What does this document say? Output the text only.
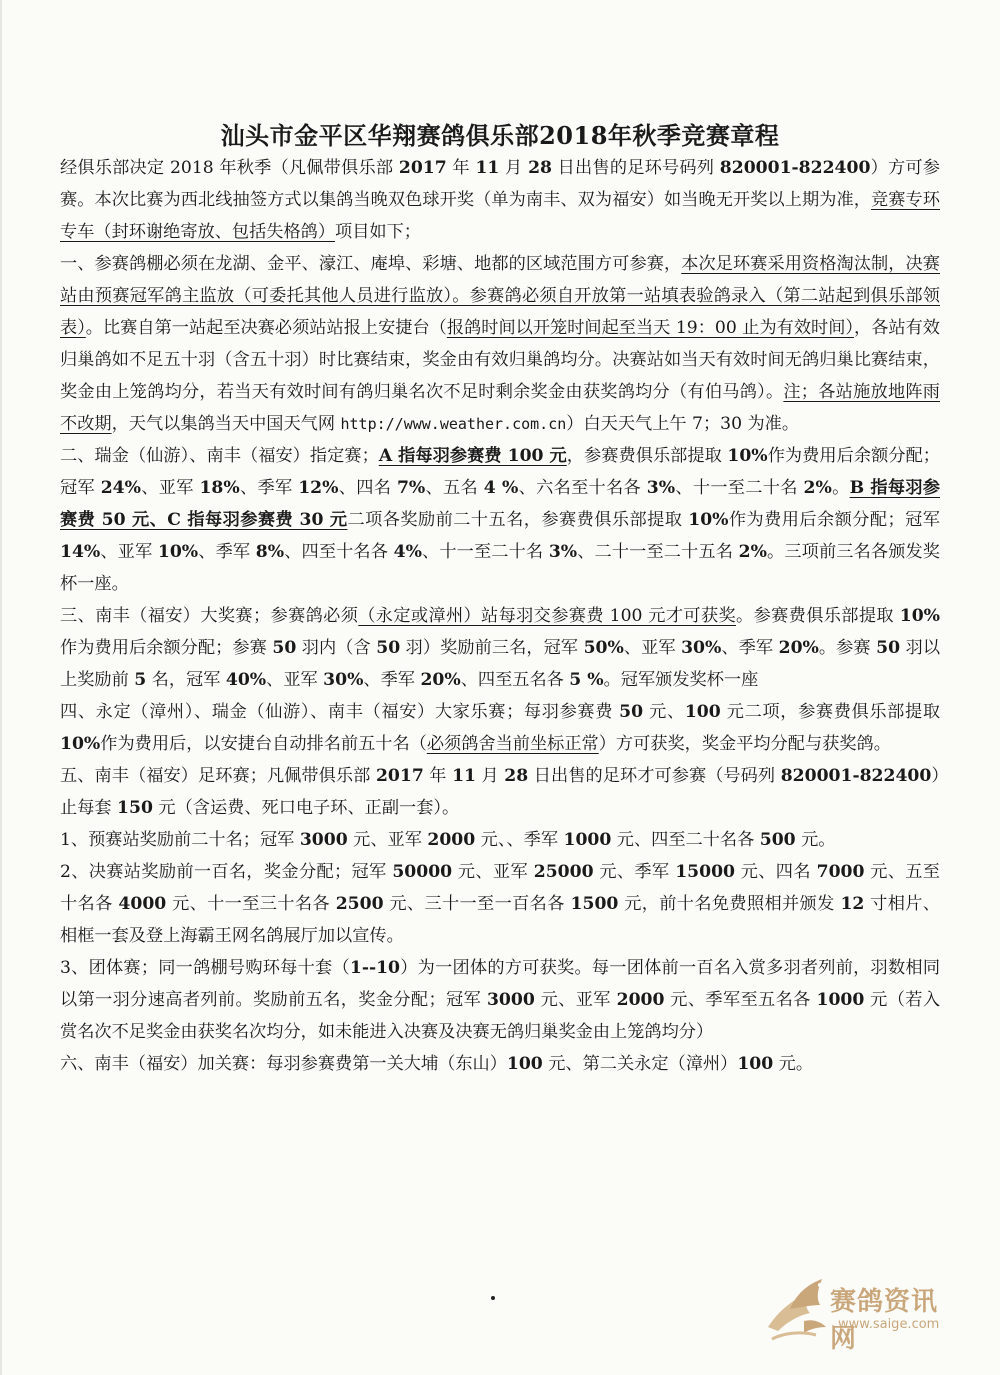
汕头市金平区华翔赛鸽俱乐部2018年秋季竞赛章程

经俱乐部决定 2018 年秋季（凡佩带俱乐部 2017 年 11 月 28 日出售的足环号码列 820001-822400）方可参赛。本次比赛为西北线抽签方式以集鸽当晚双色球开奖（单为南丰、双为福安）如当晚无开奖以上期为准，竞赛专环专车（封环谢绝寄放、包括失格鸽）项目如下；

一、参赛鸽棚必须在龙湖、金平、濠江、庵埠、彩塘、地都的区域范围方可参赛，本次足环赛采用资格淘汰制，决赛站由预赛冠军鸽主监放（可委托其他人员进行监放）。参赛鸽必须自开放第一站填表验鸽录入（第二站起到俱乐部领表）。比赛自第一站起至决赛必须站站报上安捷台（报鸽时间以开笼时间起至当天 19：00 止为有效时间），各站有效归巢鸽如不足五十羽（含五十羽）时比赛结束，奖金由有效归巢鸽均分。决赛站如当天有效时间无鸽归巢比赛结束，奖金由上笼鸽均分，若当天有效时间有鸽归巢名次不足时剩余奖金由获奖鸽均分（有伯马鸽）。注；各站施放地阵雨不改期，天气以集鸽当天中国天气网 http://www.weather.com.cn）白天天气上午 7；30 为准。

二、瑞金（仙游）、南丰（福安）指定赛；A 指每羽参赛费 100 元，参赛费俱乐部提取 10%作为费用后余额分配；冠军 24%、亚军 18%、季军 12%、四名 7%、五名 4 %、六名至十名各 3%、十一至二十名 2%。B 指每羽参赛费 50 元、C 指每羽参赛费 30 元二项各奖励前二十五名，参赛费俱乐部提取 10%作为费用后余额分配；冠军 14%、亚军 10%、季军 8%、四至十名各 4%、十一至二十名 3%、二十一至二十五名 2%。三项前三名各颁发奖杯一座。

三、南丰（福安）大奖赛；参赛鸽必须（永定或漳州）站每羽交参赛费 100 元才可获奖。参赛费俱乐部提取 10%作为费用后余额分配；参赛 50 羽内（含 50 羽）奖励前三名，冠军 50%、亚军 30%、季军 20%。参赛 50 羽以上奖励前 5 名，冠军 40%、亚军 30%、季军 20%、四至五名各 5 %。冠军颁发奖杯一座

四、永定（漳州）、瑞金（仙游）、南丰（福安）大家乐赛；每羽参赛费 50 元、100 元二项，参赛费俱乐部提取 10%作为费用后，以安捷台自动排名前五十名（必须鸽舍当前坐标正常）方可获奖，奖金平均分配与获奖鸽。

五、南丰（福安）足环赛；凡佩带俱乐部 2017 年 11 月 28 日出售的足环才可参赛（号码列 820001-822400）止每套 150 元（含运费、死口电子环、正副一套）。

1、预赛站奖励前二十名；冠军 3000 元、亚军 2000 元、、季军 1000 元、四至二十名各 500 元。

2、决赛站奖励前一百名，奖金分配；冠军 50000 元、亚军 25000 元、季军 15000 元、四名 7000 元、五至十名各 4000 元、十一至三十名各 2500 元、三十一至一百名各 1500 元，前十名免费照相并颁发 12 寸相片、相框一套及登上海霸王网名鸽展厅加以宣传。

3、团体赛；同一鸽棚号购环每十套（1--10）为一团体的方可获奖。每一团体前一百名入赏多羽者列前，羽数相同以第一羽分速高者列前。奖励前五名，奖金分配；冠军 3000 元、亚军 2000 元、季军至五名各 1000 元（若入赏名次不足奖金由获奖名次均分，如未能进入决赛及决赛无鸽归巢奖金由上笼鸽均分）

六、南丰（福安）加关赛：每羽参赛费第一关大埔（东山）100 元、第二关永定（漳州）100 元。

赛鸽资讯网
www.saige.com
